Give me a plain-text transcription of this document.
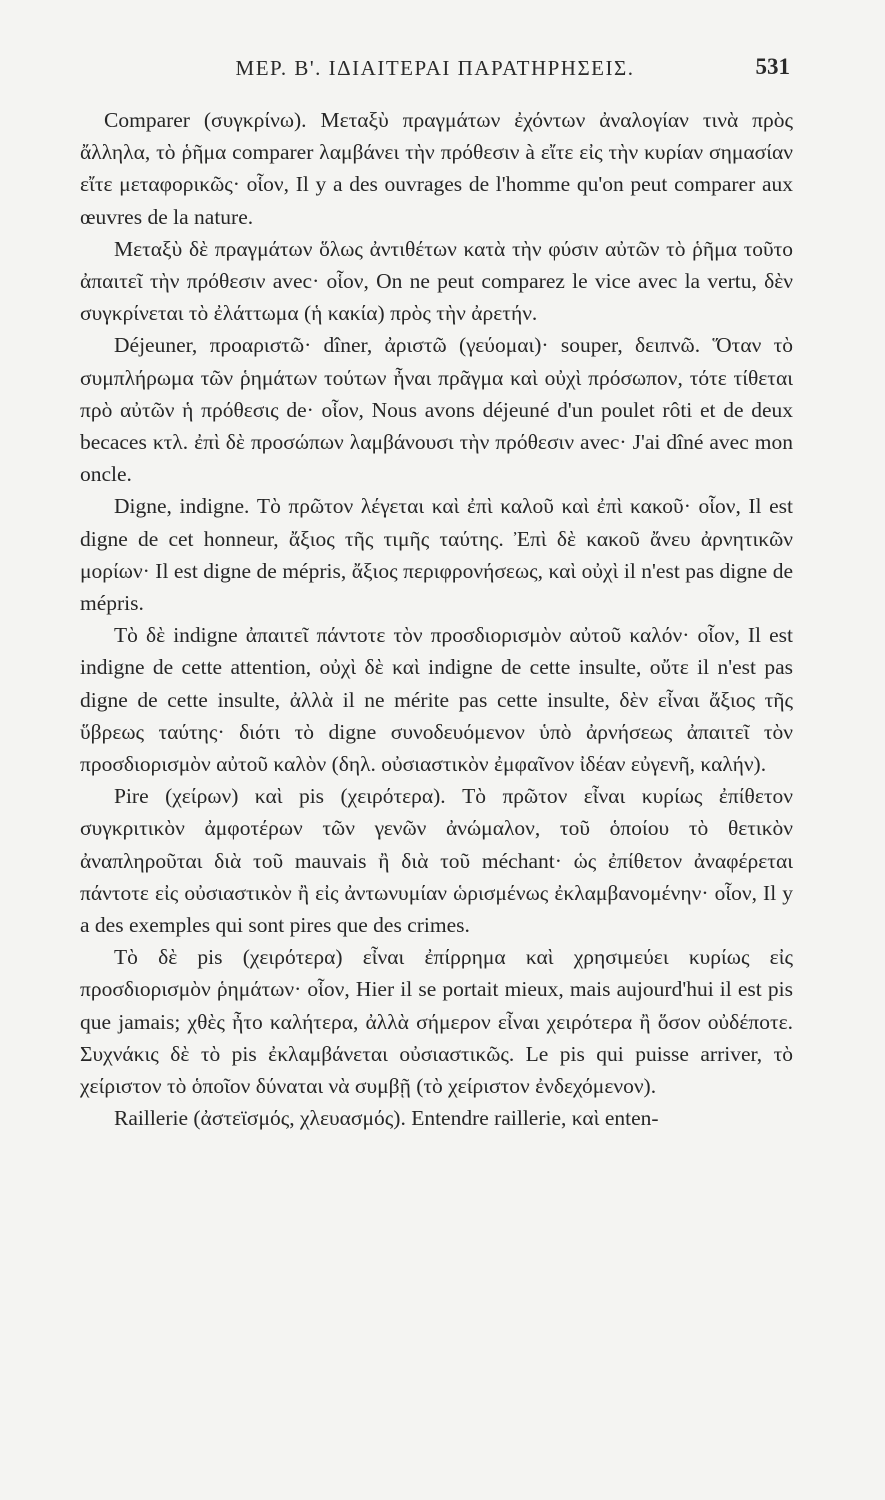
ΜΕΡ. Β'. ΙΔΙΑΙΤΕΡΑΙ ΠΑΡΑΤΗΡΗΣΕΙΣ.	531

Comparer (συγκρίνω). Μεταξὺ πραγμάτων ἐχόντων ἀναλογίαν τινὰ πρὸς ἄλληλα, τὸ ῥῆμα comparer λαμβάνει τὴν πρόθεσιν à εἴτε εἰς τὴν κυρίαν σημασίαν εἴτε μεταφορικῶς· οἷον, Il y a des ouvrages de l'homme qu'on peut comparer aux œuvres de la nature.

Μεταξὺ δὲ πραγμάτων ὅλως ἀντιθέτων κατὰ τὴν φύσιν αὐτῶν τὸ ῥῆμα τοῦτο ἀπαιτεῖ τὴν πρόθεσιν avec· οἷον, On ne peut comparez le vice avec la vertu, δὲν συγκρίνεται τὸ ἐλάττωμα (ἡ κακία) πρὸς τὴν ἀρετήν.

Déjeuner, προαριστῶ· dîner, ἀριστῶ (γεύομαι)· souper, δειπνῶ. Ὅταν τὸ συμπλήρωμα τῶν ῥημάτων τούτων ἦναι πρᾶγμα καὶ οὐχὶ πρόσωπον, τότε τίθεται πρὸ αὐτῶν ἡ πρόθεσις de· οἷον, Nous avons déjeuné d'un poulet rôti et de deux becaces κτλ. ἐπὶ δὲ προσώπων λαμβάνουσι τὴν πρόθεσιν avec· J'ai dîné avec mon oncle.

Digne, indigne. Τὸ πρῶτον λέγεται καὶ ἐπὶ καλοῦ καὶ ἐπὶ κακοῦ· οἷον, Il est digne de cet honneur, ἄξιος τῆς τιμῆς ταύτης. Ἐπὶ δὲ κακοῦ ἄνευ ἀρνητικῶν μορίων· Il est digne de mépris, ἄξιος περιφρονήσεως, καὶ οὐχὶ il n'est pas digne de mépris.

Τὸ δὲ indigne ἀπαιτεῖ πάντοτε τὸν προσδιορισμὸν αὐτοῦ καλόν· οἷον, Il est indigne de cette attention, οὐχὶ δὲ καὶ indigne de cette insulte, οὔτε il n'est pas digne de cette insulte, ἀλλὰ il ne mérite pas cette insulte, δὲν εἶναι ἄξιος τῆς ὕβρεως ταύτης· διότι τὸ digne συνοδευόμενον ὑπὸ ἀρνήσεως ἀπαιτεῖ τὸν προσδιορισμὸν αὐτοῦ καλὸν (δηλ. οὐσιαστικὸν ἐμφαῖνον ἰδέαν εὐγενῆ, καλήν).

Pire (χείρων) καὶ pis (χειρότερα). Τὸ πρῶτον εἶναι κυρίως ἐπίθετον συγκριτικὸν ἀμφοτέρων τῶν γενῶν ἀνώμαλον, τοῦ ὁποίου τὸ θετικὸν ἀναπληροῦται διὰ τοῦ mauvais ἢ διὰ τοῦ méchant· ὡς ἐπίθετον ἀναφέρεται πάντοτε εἰς οὐσιαστικὸν ἢ εἰς ἀντωνυμίαν ὡρισμένως ἐκλαμβανομένην· οἷον, Il y a des exemples qui sont pires que des crimes.

Τὸ δὲ pis (χειρότερα) εἶναι ἐπίρρημα καὶ χρησιμεύει κυρίως εἰς προσδιορισμὸν ῥημάτων· οἷον, Hier il se portait mieux, mais aujourd'hui il est pis que jamais; χθὲς ἦτο καλήτερα, ἀλλὰ σήμερον εἶναι χειρότερα ἢ ὅσον οὐδέποτε. Συχνάκις δὲ τὸ pis ἐκλαμβάνεται οὐσιαστικῶς. Le pis qui puisse arriver, τὸ χείριστον τὸ ὁποῖον δύναται νὰ συμβῇ (τὸ χείριστον ἐνδεχόμενον).

Raillerie (ἀστεϊσμός, χλευασμός). Entendre raillerie, καὶ enten-
